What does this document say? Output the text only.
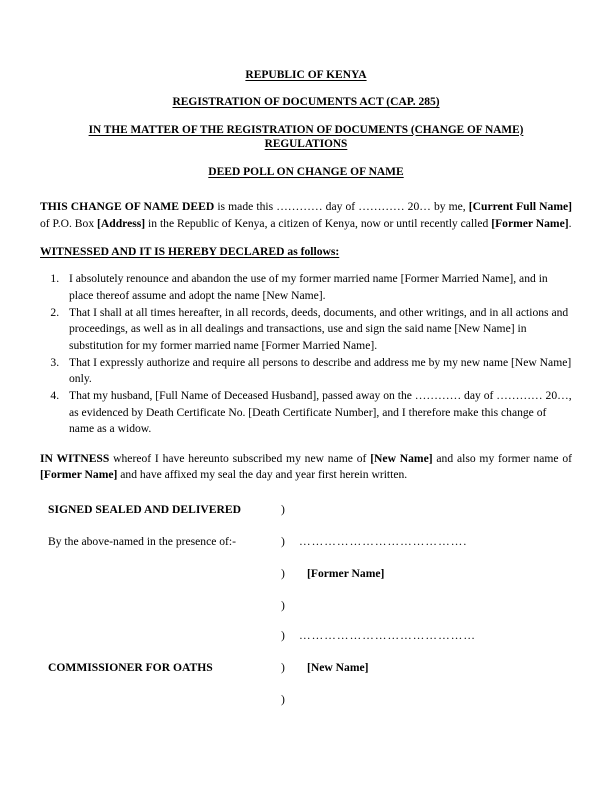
REPUBLIC OF KENYA
REGISTRATION OF DOCUMENTS ACT (CAP. 285)
IN THE MATTER OF THE REGISTRATION OF DOCUMENTS (CHANGE OF NAME)
REGULATIONS
DEED POLL ON CHANGE OF NAME

THIS CHANGE OF NAME DEED is made this ………… day of ………… 20… by me, [Current Full Name] of P.O. Box [Address] in the Republic of Kenya, a citizen of Kenya, now or until recently called [Former Name].

WITNESSED AND IT IS HEREBY DECLARED as follows:
1. I absolutely renounce and abandon the use of my former married name [Former Married Name], and in place thereof assume and adopt the name [New Name].
2. That I shall at all times hereafter, in all records, deeds, documents, and other writings, and in all actions and proceedings, as well as in all dealings and transactions, use and sign the said name [New Name] in substitution for my former married name [Former Married Name].
3. That I expressly authorize and require all persons to describe and address me by my new name [New Name] only.
4. That my husband, [Full Name of Deceased Husband], passed away on the ………… day of ………… 20…, as evidenced by Death Certificate No. [Death Certificate Number], and I therefore make this change of name as a widow.

IN WITNESS whereof I have hereunto subscribed my new name of [New Name] and also my former name of [Former Name] and have affixed my seal the day and year first herein written.

SIGNED SEALED AND DELIVERED	)
By the above-named in the presence of:-	)	………………………………….
)	[Former Name]
)
)	……………………………………
COMMISSIONER FOR OATHS	)	[New Name]
)
